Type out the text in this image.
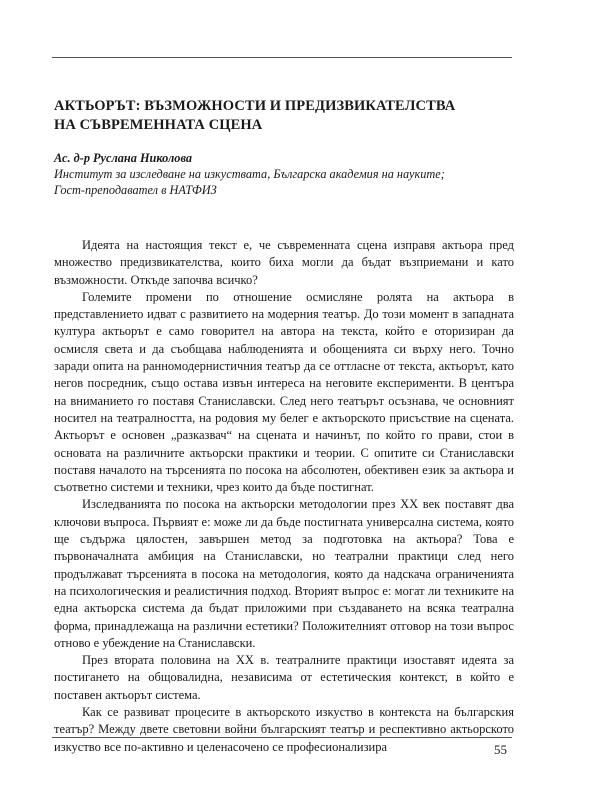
АКТЬОРЪТ: ВЪЗМОЖНОСТИ И ПРЕДИЗВИКАТЕЛСТВА
НА СЪВРЕМЕННАТА СЦЕНА
Ас. д-р Руслана Николова
Институт за изследване на изкуствата, Българска академия на науките;
Гост-преподавател в НАТФИЗ

Идеята на настоящия текст е, че съвременната сцена изправя актьора пред множество предизвикателства, които биха могли да бъдат възприемани и като възможности. Откъде започва всичко?

Големите промени по отношение осмисляне ролята на актьора в представлението идват с развитието на модерния театър. До този момент в западната култура актьорът е само говорител на автора на текста, който е оторизиран да осмисля света и да съобщава наблюденията и обощенията си върху него. Точно заради опита на ранномодернистичния театър да се оттласне от текста, актьорът, като негов посредник, също остава извън интереса на неговите експерименти. В центъра на вниманието го поставя Станиславски. След него театърът осъзнава, че основният носител на театралността, на родовия му белег е актьорското присъствие на сцената. Актьорът е основен „разказвач“ на сцената и начинът, по който го прави, стои в основата на различните актьорски практики и теории. С опитите си Станиславски поставя началото на търсенията по посока на абсолютен, обективен език за актьора и съответно системи и техники, чрез които да бъде постигнат.

Изследванията по посока на актьорски методологии през XX век поставят два ключови въпроса. Първият е: може ли да бъде постигната универсална система, която ще съдържа цялостен, завършен метод за подготовка на актьора? Това е първоначалната амбиция на Станиславски, но театрални практици след него продължават търсенията в посока на методология, която да надскача ограниченията на психологическия и реалистичния подход. Вторият въпрос е: могат ли техниките на една актьорска система да бъдат приложими при създаването на всяка театрална форма, принадлежаща на различни естетики? Положителният отговор на този въпрос отново е убеждение на Станиславски.

През втората половина на XX в. театралните практици изоставят идеята за постигането на общовалидна, независима от естетическия контекст, в който е поставен актьорът система.

Как се развиват процесите в актьорското изкуство в контекста на българския театър? Между двете световни войни българският театър и респективно актьорското изкуство все по-активно и целенасочено се професионализира	55
